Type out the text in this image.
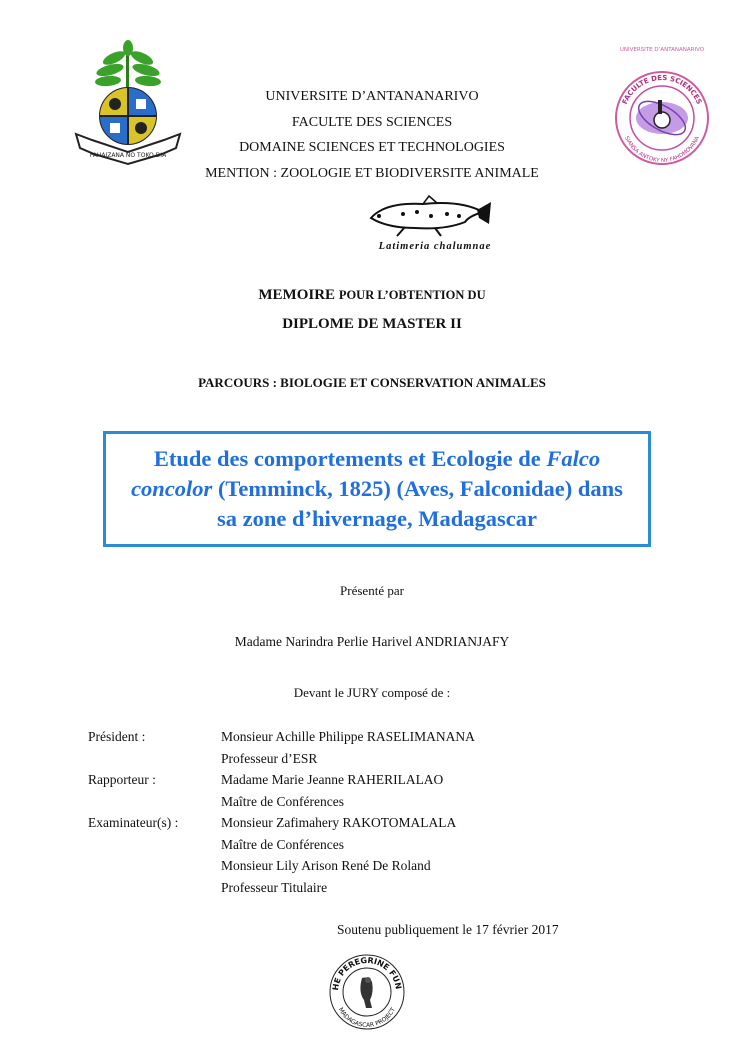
FAHAIZANA NO TOKO DIA
UNIVERSITE D’ANTANANARIVO
FACULTE DES SCIENCES
SIANSA ANTOKY NY FAHDMOVANA
UNIVERSITE D’ANTANANARIVO
FACULTE DES SCIENCES
DOMAINE SCIENCES ET TECHNOLOGIES
MENTION : ZOOLOGIE ET BIODIVERSITE ANIMALE
Latimeria chalumnae
MEMOIRE POUR L’OBTENTION DU
DIPLOME DE MASTER II
PARCOURS : BIOLOGIE ET CONSERVATION ANIMALES
Etude des comportements et Ecologie de Falco concolor (Temminck, 1825) (Aves, Falconidae) dans sa zone d’hivernage, Madagascar
Présenté par
Madame Narindra Perlie Harivel ANDRIANJAFY
Devant le JURY composé de :
Président :	Monsieur Achille Philippe RASELIMANANA
Professeur d’ESR
Rapporteur :	Madame Marie Jeanne RAHERILALAO
Maître de Conférences
Examinateur(s) :	Monsieur Zafimahery RAKOTOMALALA
Maître de Conférences
Monsieur Lily Arison René De Roland
Professeur Titulaire
Soutenu publiquement le 17 février 2017
HE PEREGRINE FUN
MADAGASCAR PROJECT
